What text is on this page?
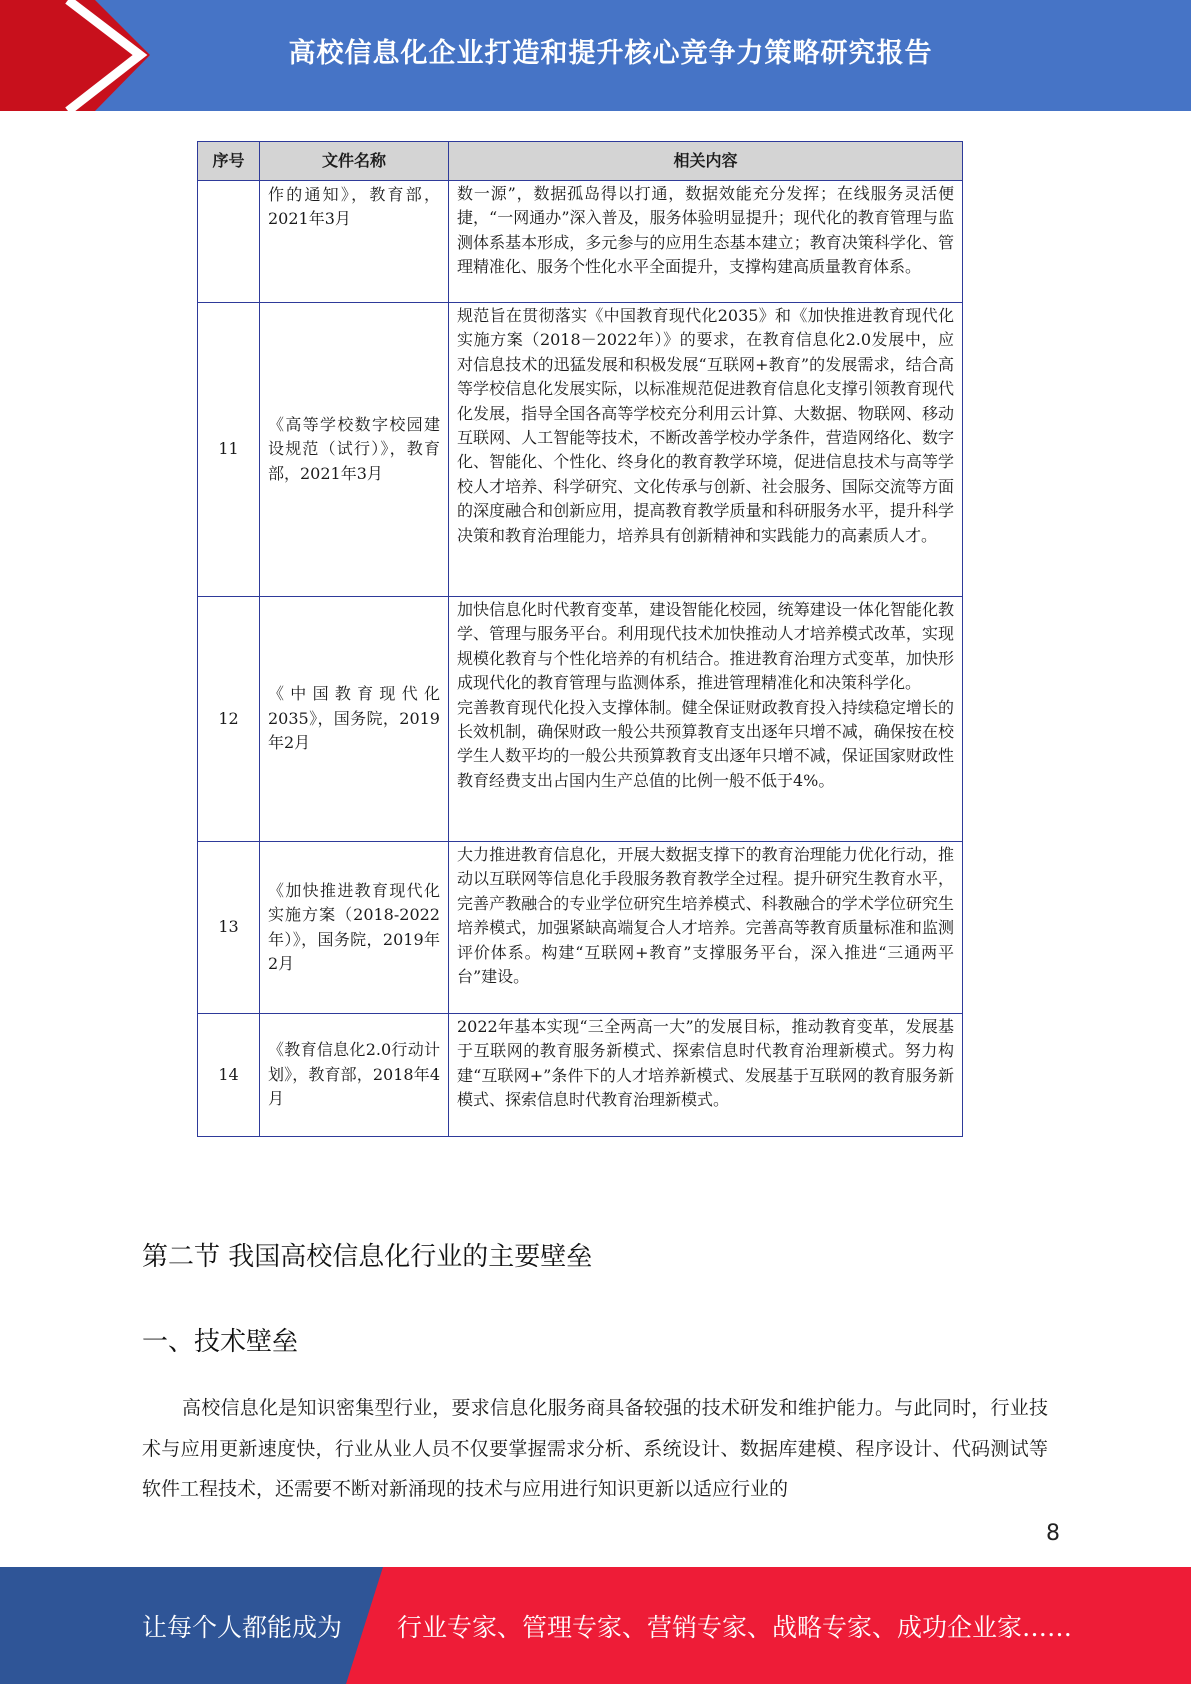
高校信息化企业打造和提升核心竞争力策略研究报告
序号	文件名称	相关内容
	作的通知》，教育部，2021年3月	数一源”，数据孤岛得以打通，数据效能充分发挥；在线服务灵活便捷，“一网通办”深入普及，服务体验明显提升；现代化的教育管理与监测体系基本形成，多元参与的应用生态基本建立；教育决策科学化、管理精准化、服务个性化水平全面提升，支撑构建高质量教育体系。

11	《高等学校数字校园建设规范（试行）》，教育部，2021年3月	规范旨在贯彻落实《中国教育现代化2035》和《加快推进教育现代化实施方案（2018－2022年）》的要求，在教育信息化2.0发展中，应对信息技术的迅猛发展和积极发展“互联网+教育”的发展需求，结合高等学校信息化发展实际，以标准规范促进教育信息化支撑引领教育现代化发展，指导全国各高等学校充分利用云计算、大数据、物联网、移动互联网、人工智能等技术，不断改善学校办学条件，营造网络化、数字化、智能化、个性化、终身化的教育教学环境，促进信息技术与高等学校人才培养、科学研究、文化传承与创新、社会服务、国际交流等方面的深度融合和创新应用，提高教育教学质量和科研服务水平，提升科学决策和教育治理能力，培养具有创新精神和实践能力的高素质人才。

12	《中国教育现代化2035》，国务院，2019年2月	加快信息化时代教育变革，建设智能化校园，统筹建设一体化智能化教学、管理与服务平台。利用现代技术加快推动人才培养模式改革，实现规模化教育与个性化培养的有机结合。推进教育治理方式变革，加快形成现代化的教育管理与监测体系，推进管理精准化和决策科学化。

完善教育现代化投入支撑体制。健全保证财政教育投入持续稳定增长的长效机制，确保财政一般公共预算教育支出逐年只增不减，确保按在校学生人数平均的一般公共预算教育支出逐年只增不减，保证国家财政性教育经费支出占国内生产总值的比例一般不低于4%。

13	《加快推进教育现代化实施方案（2018-2022年）》，国务院，2019年2月	大力推进教育信息化，开展大数据支撑下的教育治理能力优化行动，推动以互联网等信息化手段服务教育教学全过程。提升研究生教育水平，完善产教融合的专业学位研究生培养模式、科教融合的学术学位研究生培养模式，加强紧缺高端复合人才培养。完善高等教育质量标准和监测评价体系。构建“互联网+教育”支撑服务平台，深入推进“三通两平台”建设。

14	《教育信息化2.0行动计划》，教育部，2018年4月	2022年基本实现“三全两高一大”的发展目标，推动教育变革，发展基于互联网的教育服务新模式、探索信息时代教育治理新模式。努力构建“互联网+”条件下的人才培养新模式、发展基于互联网的教育服务新模式、探索信息时代教育治理新模式。

第二节 我国高校信息化行业的主要壁垒
一、技术壁垒

高校信息化是知识密集型行业，要求信息化服务商具备较强的技术研发和维护能力。与此同时，行业技术与应用更新速度快，行业从业人员不仅要掌握需求分析、系统设计、数据库建模、程序设计、代码测试等软件工程技术，还需要不断对新涌现的技术与应用进行知识更新以适应行业的

8
让每个人都能成为 行业专家、管理专家、营销专家、战略专家、成功企业家……
